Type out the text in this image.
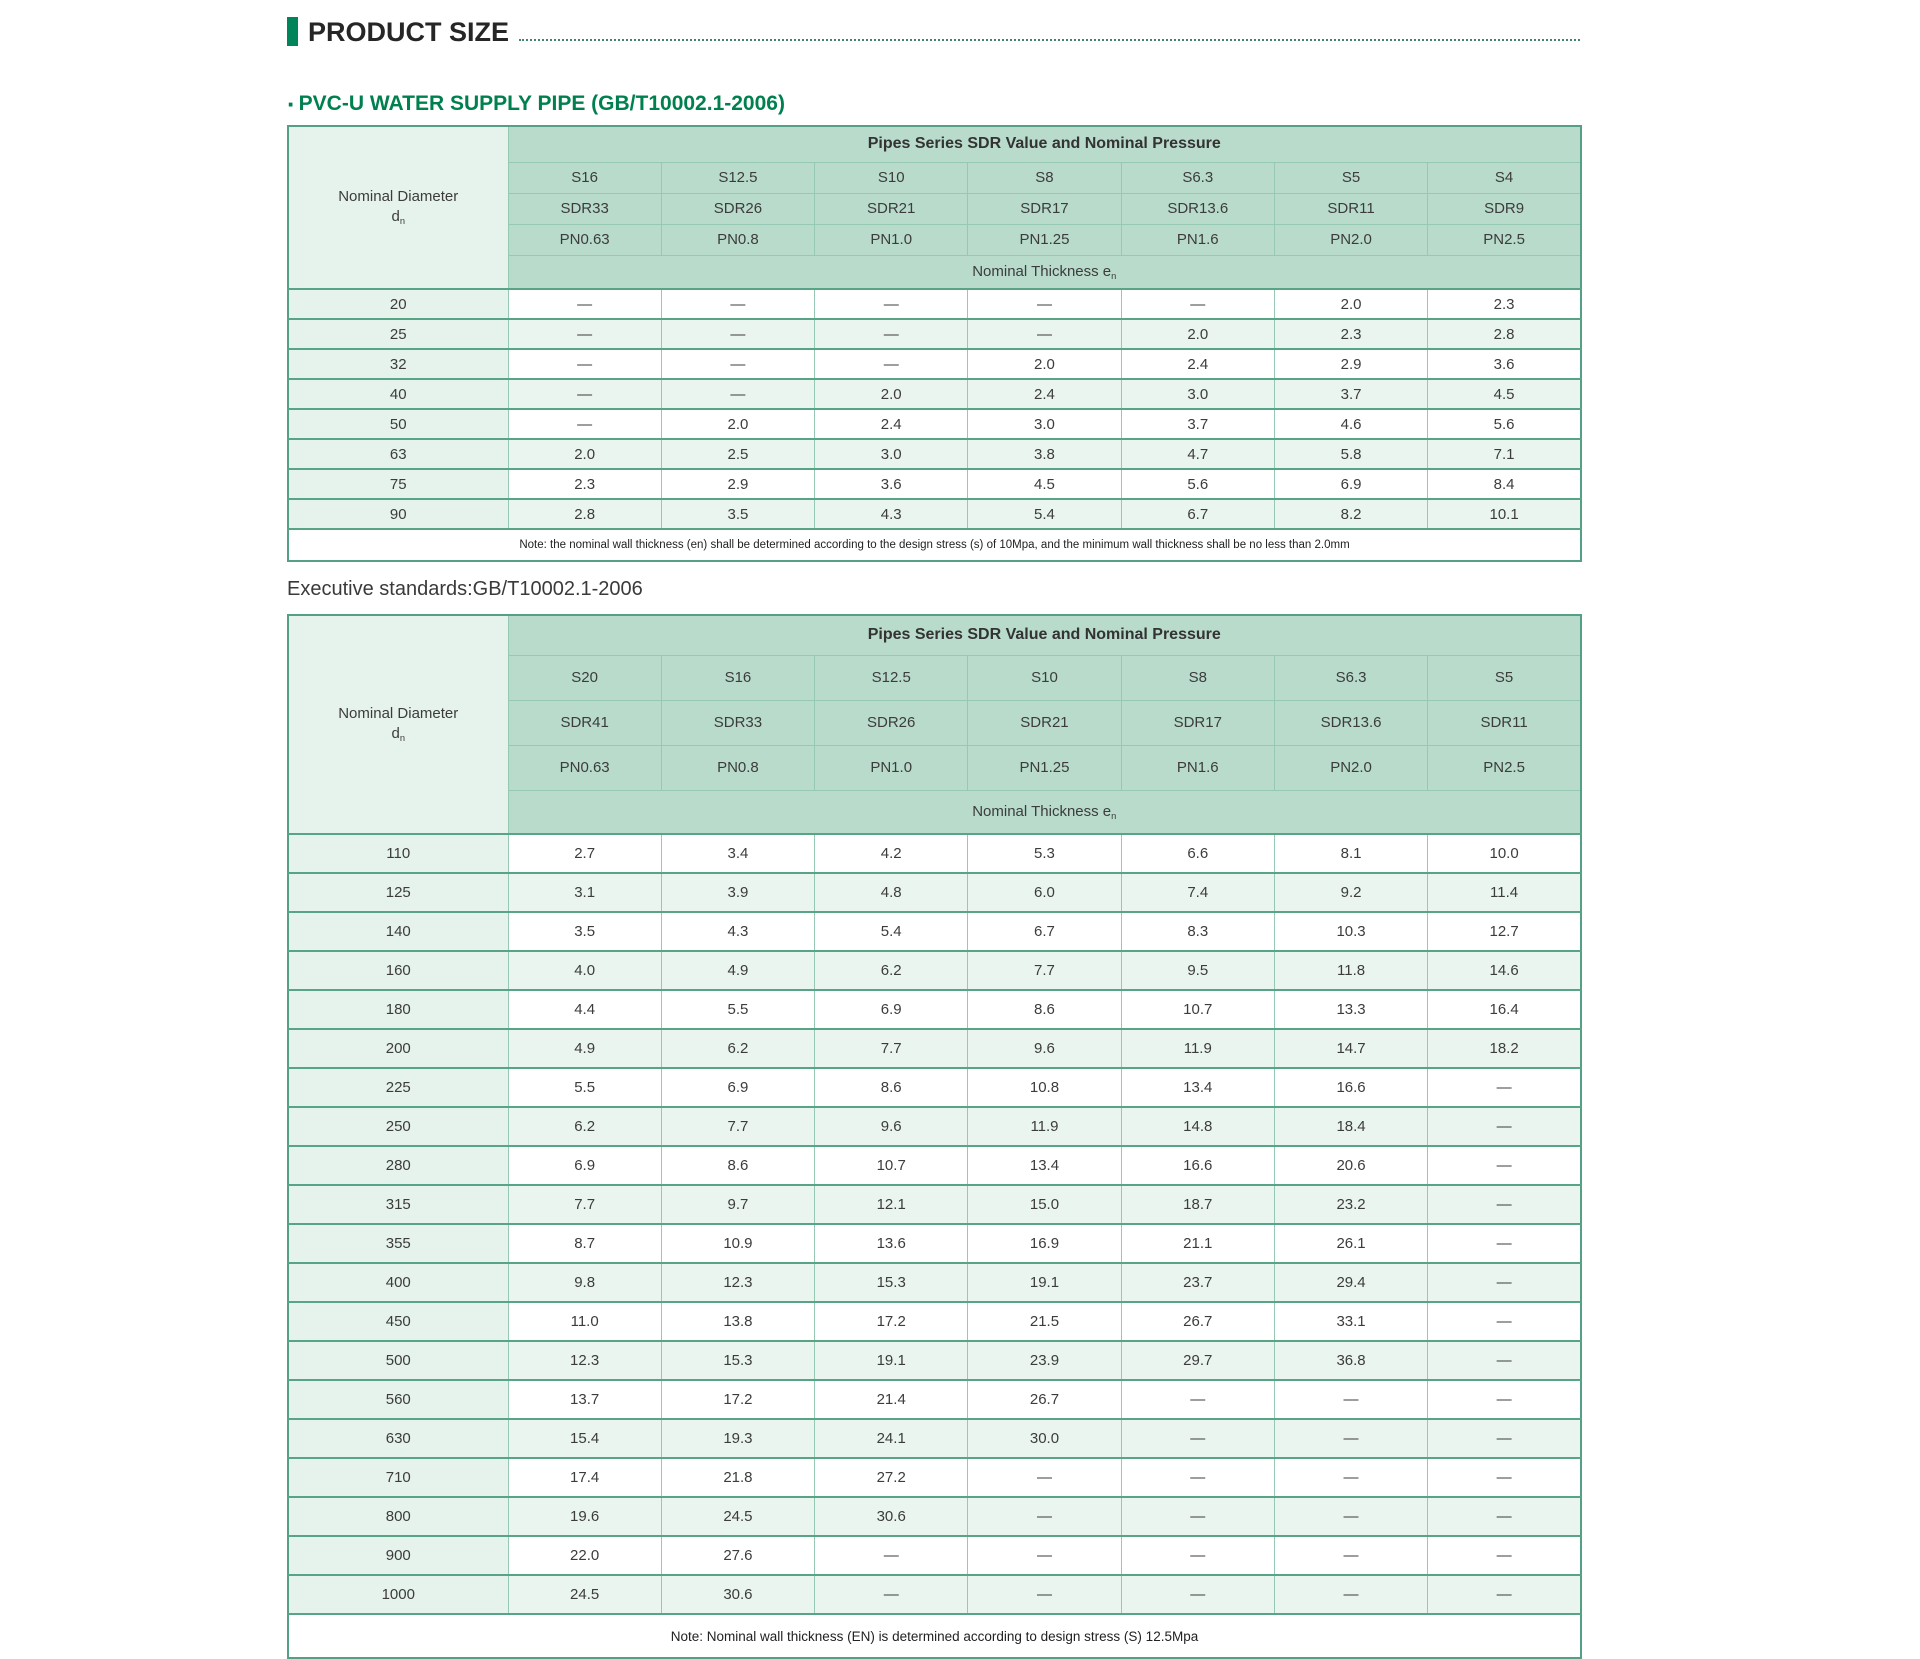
PRODUCT SIZE
· PVC-U WATER SUPPLY PIPE (GB/T10002.1-2006)
Nominal Diameter
$d_n$	Pipes Series SDR Value and Nominal Pressure						
	S16	S12.5	S10	S8	S6.3	S5	S4
	SDR33	SDR26	SDR21	SDR17	SDR13.6	SDR11	SDR9
	PN0.63	PN0.8	PN1.0	PN1.25	PN1.6	PN2.0	PN2.5
	Nominal Thickness $e_n$
20	—	—	—	—	—	2.0	2.3
25	—	—	—	—	2.0	2.3	2.8
32	—	—	—	2.0	2.4	2.9	3.6
40	—	—	2.0	2.4	3.0	3.7	4.5
50	—	2.0	2.4	3.0	3.7	4.6	5.6
63	2.0	2.5	3.0	3.8	4.7	5.8	7.1
75	2.3	2.9	3.6	4.5	5.6	6.9	8.4
90	2.8	3.5	4.3	5.4	6.7	8.2	10.1
Note: the nominal wall thickness (en) shall be determined according to the design stress (s) of 10Mpa, and the minimum wall thickness shall be no less than 2.0mm							
Executive standards:GB/T10002.1-2006
Nominal Diameter
$d_n$	Pipes Series SDR Value and Nominal Pressure						
	S20	S16	S12.5	S10	S8	S6.3	S5
	SDR41	SDR33	SDR26	SDR21	SDR17	SDR13.6	SDR11
	PN0.63	PN0.8	PN1.0	PN1.25	PN1.6	PN2.0	PN2.5
	Nominal Thickness $e_n$
110	2.7	3.4	4.2	5.3	6.6	8.1	10.0
125	3.1	3.9	4.8	6.0	7.4	9.2	11.4
140	3.5	4.3	5.4	6.7	8.3	10.3	12.7
160	4.0	4.9	6.2	7.7	9.5	11.8	14.6
180	4.4	5.5	6.9	8.6	10.7	13.3	16.4
200	4.9	6.2	7.7	9.6	11.9	14.7	18.2
225	5.5	6.9	8.6	10.8	13.4	16.6	—
250	6.2	7.7	9.6	11.9	14.8	18.4	—
280	6.9	8.6	10.7	13.4	16.6	20.6	—
315	7.7	9.7	12.1	15.0	18.7	23.2	—
355	8.7	10.9	13.6	16.9	21.1	26.1	—
400	9.8	12.3	15.3	19.1	23.7	29.4	—
450	11.0	13.8	17.2	21.5	26.7	33.1	—
500	12.3	15.3	19.1	23.9	29.7	36.8	—
560	13.7	17.2	21.4	26.7	—	—	—
630	15.4	19.3	24.1	30.0	—	—	—
710	17.4	21.8	27.2	—	—	—	—
800	19.6	24.5	30.6	—	—	—	—
900	22.0	27.6	—	—	—	—	—
1000	24.5	30.6	—	—	—	—	—
Note: Nominal wall thickness (EN) is determined according to design stress (S) 12.5Mpa							
